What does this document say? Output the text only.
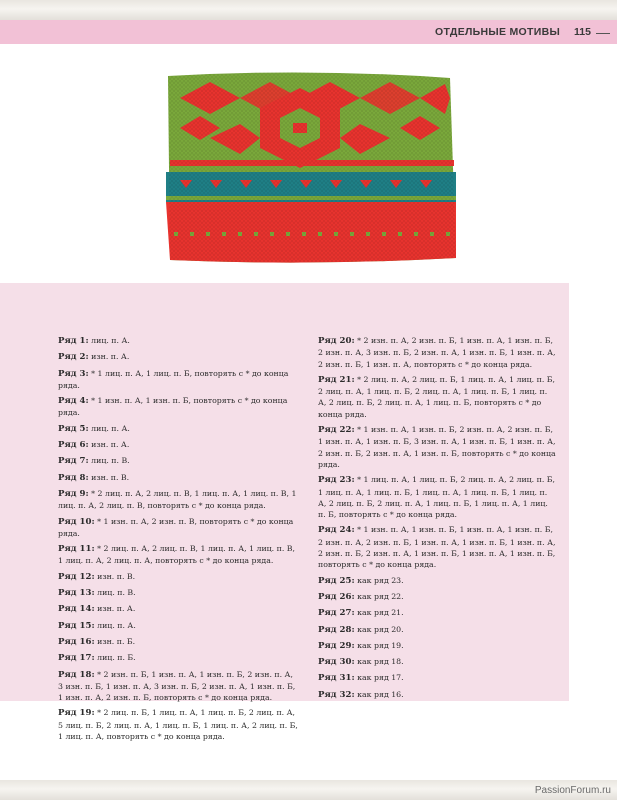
ОТДЕЛЬНЫЕ МОТИВЫ 115
Ряд 1: лиц. п. А.
Ряд 2: изн. п. А.
Ряд 3: * 1 лиц. п. А, 1 лиц. п. Б, повторять с * до конца ряда.
Ряд 4: * 1 изн. п. А, 1 изн. п. Б, повторять с * до конца ряда.
Ряд 5: лиц. п. А.
Ряд 6: изн. п. А.
Ряд 7: лиц. п. В.
Ряд 8: изн. п. В.
Ряд 9: * 2 лиц. п. А, 2 лиц. п. В, 1 лиц. п. А, 1 лиц. п. В, 1 лиц. п. А, 2 лиц. п. В, повторять с * до конца ряда.
Ряд 10: * 1 изн. п. А, 2 изн. п. В, повторять с * до конца ряда.
Ряд 11: * 2 лиц. п. А, 2 лиц. п. В, 1 лиц. п. А, 1 лиц. п. В, 1 лиц. п. А, 2 лиц. п. А, повторять с * до конца ряда.
Ряд 12: изн. п. В.
Ряд 13: лиц. п. В.
Ряд 14: изн. п. А.
Ряд 15: лиц. п. А.
Ряд 16: изн. п. Б.
Ряд 17: лиц. п. Б.
Ряд 18: * 2 изн. п. Б, 1 изн. п. А, 1 изн. п. Б, 2 изн. п. А, 3 изн. п. Б, 1 изн. п. А, 3 изн. п. Б, 2 изн. п. А, 1 изн. п. Б, 1 изн. п. А, 2 изн. п. Б, повторять с * до конца ряда.
Ряд 19: * 2 лиц. п. Б, 1 лиц. п. А, 1 лиц. п. Б, 2 лиц. п. А, 5 лиц. п. Б, 2 лиц. п. А, 1 лиц. п. Б, 1 лиц. п. А, 2 лиц. п. Б, 1 лиц. п. А, повторять с * до конца ряда.
Ряд 20: * 2 изн. п. А, 2 изн. п. Б, 1 изн. п. А, 1 изн. п. Б, 2 изн. п. А, 3 изн. п. Б, 2 изн. п. А, 1 изн. п. Б, 1 изн. п. А, 2 изн. п. Б, 1 изн. п. А, повторять с * до конца ряда.
Ряд 21: * 2 лиц. п. А, 2 лиц. п. Б, 1 лиц. п. А, 1 лиц. п. Б, 2 лиц. п. А, 1 лиц. п. Б, 2 лиц. п. А, 1 лиц. п. Б, 1 лиц. п. А, 2 лиц. п. Б, 2 лиц. п. А, 1 лиц. п. Б, повторять с * до конца ряда.
Ряд 22: * 1 изн. п. А, 1 изн. п. Б, 2 изн. п. А, 2 изн. п. Б, 1 изн. п. А, 1 изн. п. Б, 3 изн. п. А, 1 изн. п. Б, 1 изн. п. А, 2 изн. п. Б, 2 изн. п. А, 1 изн. п. Б, повторять с * до конца ряда.
Ряд 23: * 1 лиц. п. А, 1 лиц. п. Б, 2 лиц. п. А, 2 лиц. п. Б, 1 лиц. п. А, 1 лиц. п. Б, 1 лиц. п. А, 1 лиц. п. Б, 1 лиц. п. А, 2 лиц. п. Б, 2 лиц. п. А, 1 лиц. п. Б, 1 лиц. п. А, 1 лиц. п. Б, повторять с * до конца ряда.
Ряд 24: * 1 изн. п. А, 1 изн. п. Б, 1 изн. п. А, 1 изн. п. Б, 2 изн. п. А, 2 изн. п. Б, 1 изн. п. А, 1 изн. п. Б, 1 изн. п. А, 2 изн. п. Б, 2 изн. п. А, 1 изн. п. Б, 1 изн. п. А, 1 изн. п. Б, повторять с * до конца ряда.
Ряд 25: как ряд 23.
Ряд 26: как ряд 22.
Ряд 27: как ряд 21.
Ряд 28: как ряд 20.
Ряд 29: как ряд 19.
Ряд 30: как ряд 18.
Ряд 31: как ряд 17.
Ряд 32: как ряд 16.
PassionForum.ru
